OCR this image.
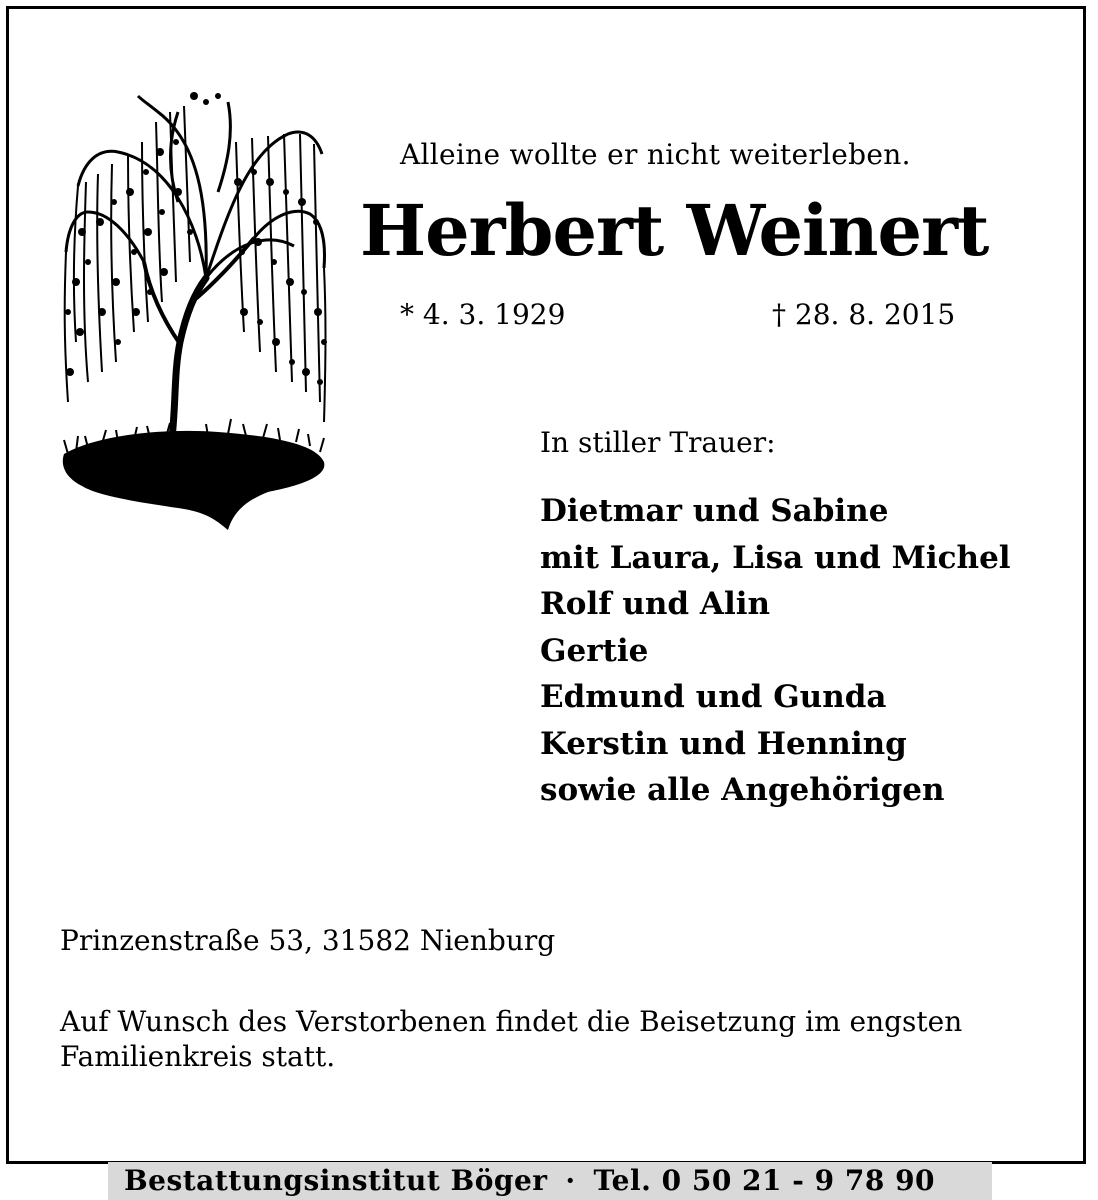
Alleine wollte er nicht weiterleben.
Herbert Weinert
* 4. 3. 1929	† 28. 8. 2015
In stiller Trauer:
Dietmar und Sabine
mit Laura, Lisa und Michel
Rolf und Alin
Gertie
Edmund und Gunda
Kerstin und Henning
sowie alle Angehörigen
Prinzenstraße 53, 31582 Nienburg
Auf Wunsch des Verstorbenen findet die Beisetzung im engsten Familienkreis statt.
Bestattungsinstitut Böger · Tel. 0 50 21 - 9 78 90
